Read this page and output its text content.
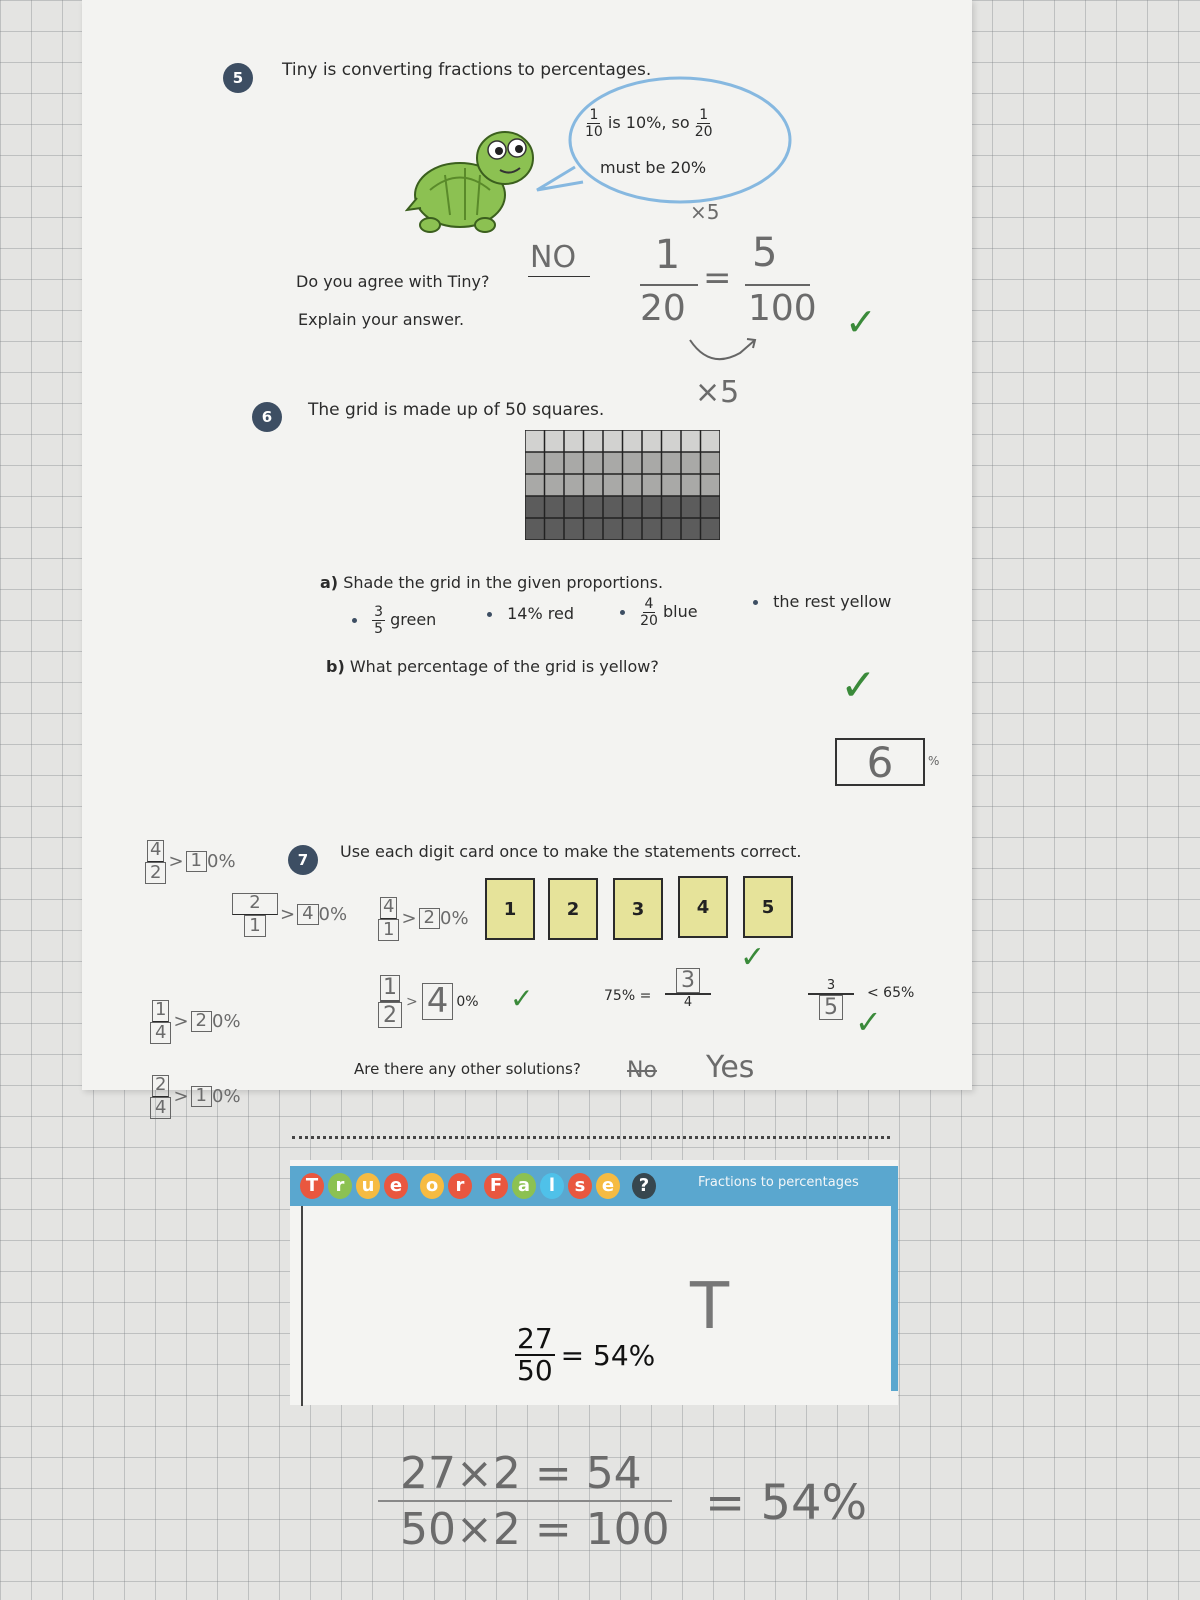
5	Tiny is converting fractions to percentages.
$\frac{1}{10}$ is 10%, so $\frac{1}{20}$
must be 20%
Do you agree with Tiny?
NO
Explain your answer.
×5
1
20
=
5
100
×5
✓
6	The grid is made up of 50 squares.
a) Shade the grid in the given proportions.

$\frac{3}{5}$ green	14% red
	$\frac{4}{20}$ blue
the rest yellow
b) What percentage of the grid is yellow?	✓
6	%
7	Use each digit card once to make the statements correct.
1	2	3	4	5
$\frac{1}{2} > 4$ 0%	75% =
3
4
✓
3
5
< 65%
✓
✓
Are there any other solutions? No Yes
$\frac{4}{2} > 1$ 0%
$\frac{2}{1} > 4$ $0\% \frac{4}{1} > 2$ 0%
$\frac{1}{4} > 2$ 0%
$\frac{2}{4} > 1$ 0%
T r u e	o r	F a	l	s e	?	Fractions to percentages
$\frac{27}{50} = 54\%$
T
27×2 = 54
50×2 = 100 = 54%
